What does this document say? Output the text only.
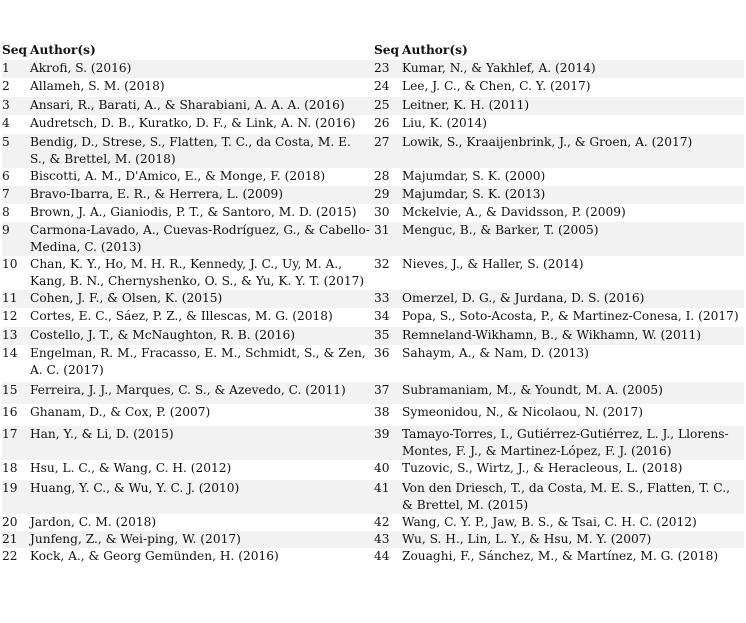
Seq	Author(s)
1	Akrofi, S. (2016)
2	Allameh, S. M. (2018)
3	Ansari, R., Barati, A., & Sharabiani, A. A. A. (2016)
4	Audretsch, D. B., Kuratko, D. F., & Link, A. N. (2016)
5	Bendig, D., Strese, S., Flatten, T. C., da Costa, M. E. S., & Brettel, M. (2018)
6	Biscotti, A. M., D'Amico, E., & Monge, F. (2018)
7	Bravo-Ibarra, E. R., & Herrera, L. (2009)
8	Brown, J. A., Gianiodis, P. T., & Santoro, M. D. (2015)
9	Carmona-Lavado, A., Cuevas-Rodríguez, G., & Cabello-Medina, C. (2013)
10	Chan, K. Y., Ho, M. H. R., Kennedy, J. C., Uy, M. A., Kang, B. N., Chernyshenko, O. S., & Yu, K. Y. T. (2017)
11	Cohen, J. F., & Olsen, K. (2015)
12	Cortes, E. C., Sáez, P. Z., & Illescas, M. G. (2018)
13	Costello, J. T., & McNaughton, R. B. (2016)
14	Engelman, R. M., Fracasso, E. M., Schmidt, S., & Zen, A. C. (2017)
15	Ferreira, J. J., Marques, C. S., & Azevedo, C. (2011)
16	Ghanam, D., & Cox, P. (2007)
17	Han, Y., & Li, D. (2015)
18	Hsu, L. C., & Wang, C. H. (2012)
19	Huang, Y. C., & Wu, Y. C. J. (2010)
20	Jardon, C. M. (2018)
21	Junfeng, Z., & Wei-ping, W. (2017)
22	Kock, A., & Georg Gemünden, H. (2016)
Seq	Author(s)
23	Kumar, N., & Yakhlef, A. (2014)
24	Lee, J. C., & Chen, C. Y. (2017)
25	Leitner, K. H. (2011)
26	Liu, K. (2014)
27	Lowik, S., Kraaijenbrink, J., & Groen, A. (2017)
28	Majumdar, S. K. (2000)
29	Majumdar, S. K. (2013)
30	Mckelvie, A., & Davidsson, P. (2009)
31	Menguc, B., & Barker, T. (2005)
32	Nieves, J., & Haller, S. (2014)
33	Omerzel, D. G., & Jurdana, D. S. (2016)
34	Popa, S., Soto-Acosta, P., & Martinez-Conesa, I. (2017)
35	Remneland-Wikhamn, B., & Wikhamn, W. (2011)
36	Sahaym, A., & Nam, D. (2013)
37	Subramaniam, M., & Youndt, M. A. (2005)
38	Symeonidou, N., & Nicolaou, N. (2017)
39	Tamayo-Torres, I., Gutiérrez-Gutiérrez, L. J., Llorens-Montes, F. J., & Martinez-López, F. J. (2016)
40	Tuzovic, S., Wirtz, J., & Heracleous, L. (2018)
41	Von den Driesch, T., da Costa, M. E. S., Flatten, T. C., & Brettel, M. (2015)
42	Wang, C. Y. P., Jaw, B. S., & Tsai, C. H. C. (2012)
43	Wu, S. H., Lin, L. Y., & Hsu, M. Y. (2007)
44	Zouaghi, F., Sánchez, M., & Martínez, M. G. (2018)
